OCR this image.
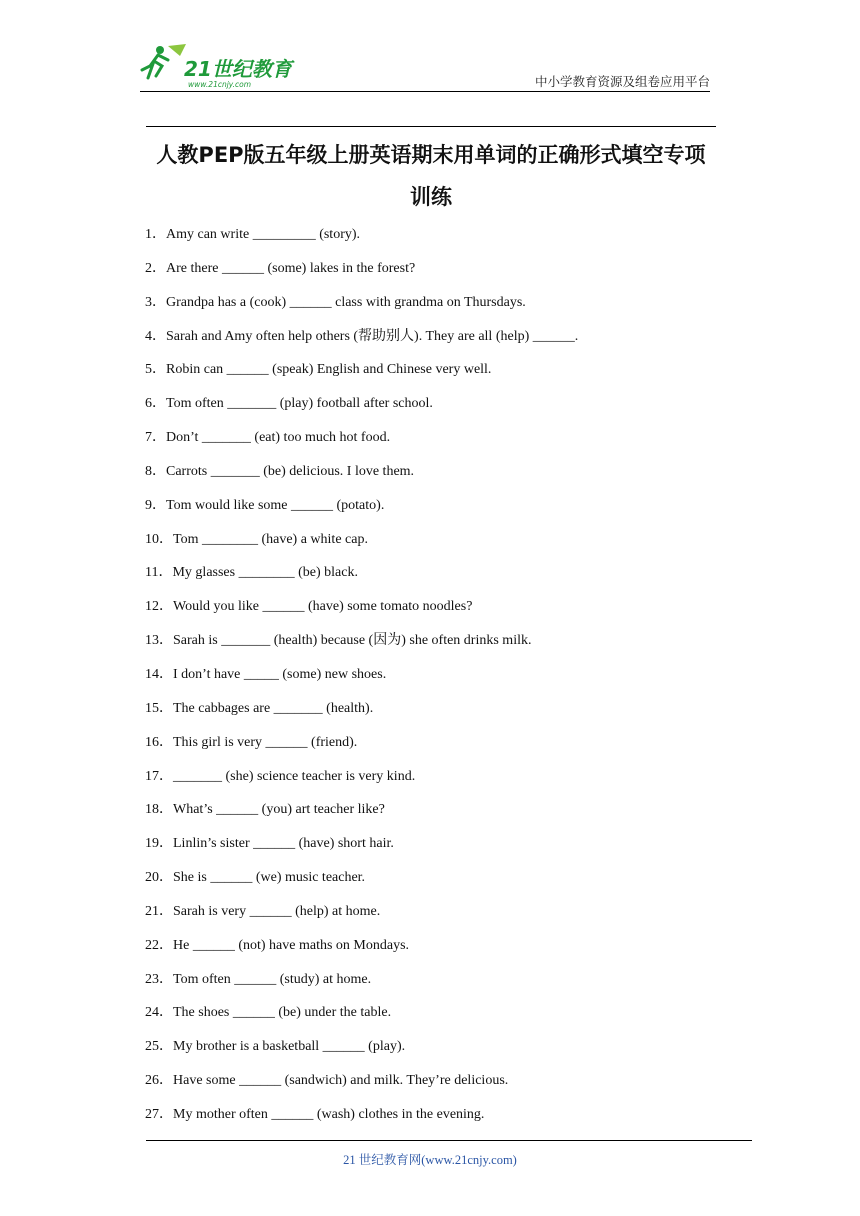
21世纪教育
www.21cnjy.com	中小学教育资源及组卷应用平台
人教PEP版五年级上册英语期末用单词的正确形式填空专项
训练
1．Amy can write _________ (story).
2．Are there ______ (some) lakes in the forest?
3．Grandpa has a (cook) ______ class with grandma on Thursdays.
4．Sarah and Amy often help others (帮助别人). They are all (help) ______.
5．Robin can ______ (speak) English and Chinese very well.
6．Tom often _______ (play) football after school.
7．Don’t _______ (eat) too much hot food.
8．Carrots _______ (be) delicious. I love them.
9．Tom would like some ______ (potato).
10．Tom ________ (have) a white cap.
11．My glasses ________ (be) black.
12．Would you like ______ (have) some tomato noodles?
13．Sarah is _______ (health) because (因为) she often drinks milk.
14．I don’t have _____ (some) new shoes.
15．The cabbages are _______ (health).
16．This girl is very ______ (friend).
17．_______ (she) science teacher is very kind.
18．What’s ______ (you) art teacher like?
19．Linlin’s sister ______ (have) short hair.
20．She is ______ (we) music teacher.
21．Sarah is very ______ (help) at home.
22．He ______ (not) have maths on Mondays.
23．Tom often ______ (study) at home.
24．The shoes ______ (be) under the table.
25．My brother is a basketball ______ (play).
26．Have some ______ (sandwich) and milk. They’re delicious.
27．My mother often ______ (wash) clothes in the evening.
21 世纪教育网(www.21cnjy.com)
